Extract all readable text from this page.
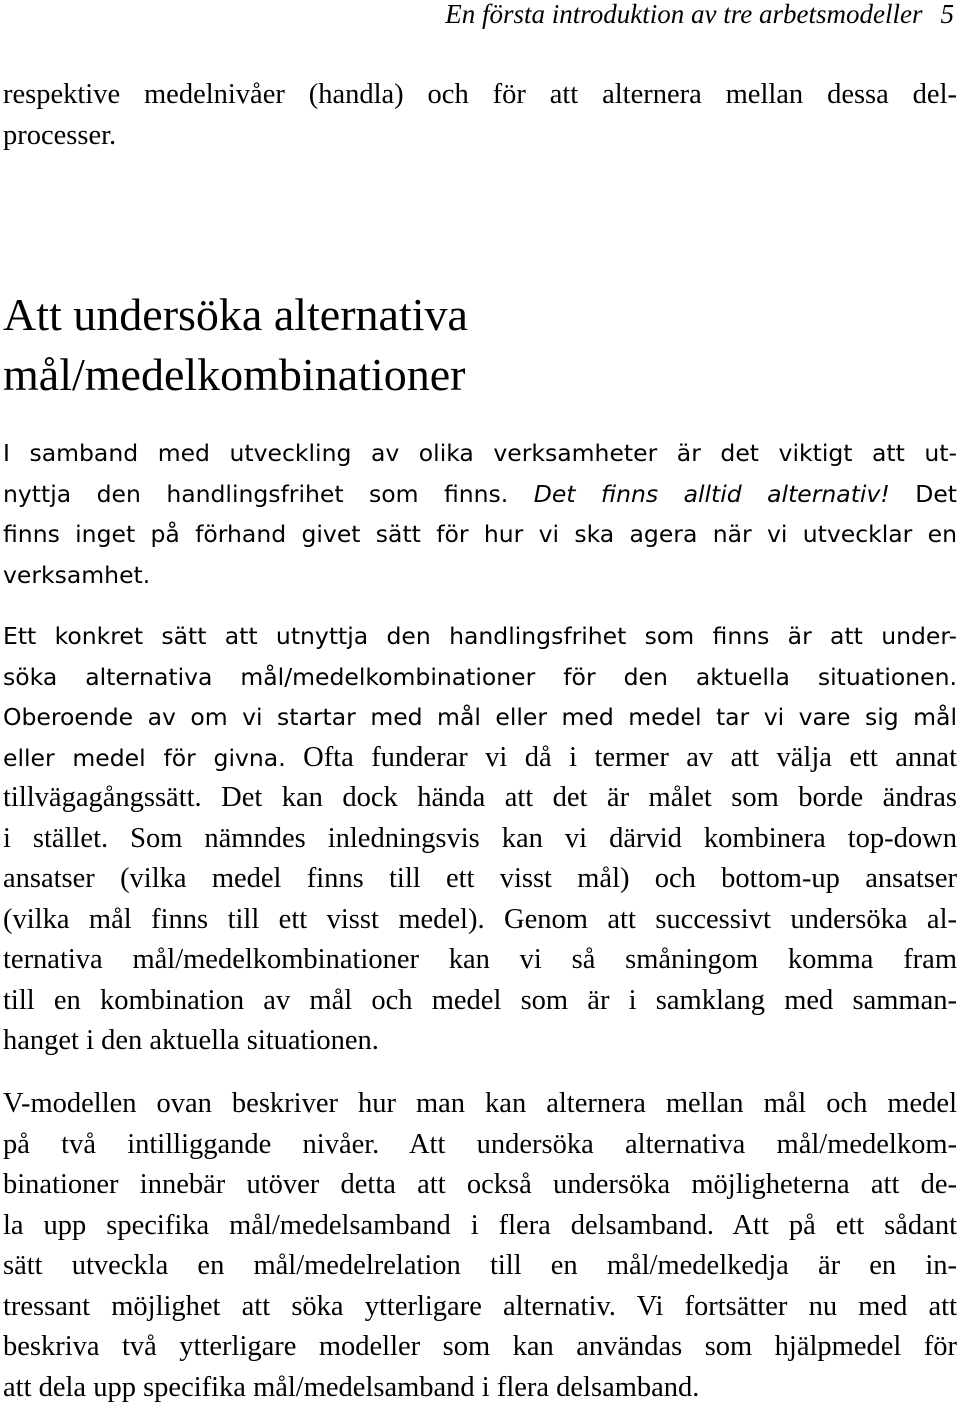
En första introduktion av tre arbetsmodeller 5

respektive medelnivåer (handla) och för att alternera mellan dessa del-
processer.

Att undersöka alternativa
mål/medelkombinationer

I samband med utveckling av olika verksamheter är det viktigt att ut-
nyttja den handlingsfrihet som finns. Det finns alltid alternativ! Det
finns inget på förhand givet sätt för hur vi ska agera när vi utvecklar en
verksamhet.

Ett konkret sätt att utnyttja den handlingsfrihet som finns är att under-
söka alternativa mål/medelkombinationer för den aktuella situationen.
Oberoende av om vi startar med mål eller med medel tar vi vare sig mål
eller medel för givna. Ofta funderar vi då i termer av att välja ett annat
tillvägagångssätt. Det kan dock hända att det är målet som borde ändras
i stället. Som nämndes inledningsvis kan vi därvid kombinera top-down
ansatser (vilka medel finns till ett visst mål) och bottom-up ansatser
(vilka mål finns till ett visst medel). Genom att successivt undersöka al-
ternativa mål/medelkombinationer kan vi så småningom komma fram
till en kombination av mål och medel som är i samklang med samman-
hanget i den aktuella situationen.

V-modellen ovan beskriver hur man kan alternera mellan mål och medel
på två intilliggande nivåer. Att undersöka alternativa mål/medelkom-
binationer innebär utöver detta att också undersöka möjligheterna att de-
la upp specifika mål/medelsamband i flera delsamband. Att på ett sådant
sätt utveckla en mål/medelrelation till en mål/medelkedja är en in-
tressant möjlighet att söka ytterligare alternativ. Vi fortsätter nu med att
beskriva två ytterligare modeller som kan användas som hjälpmedel för
att dela upp specifika mål/medelsamband i flera delsamband.
